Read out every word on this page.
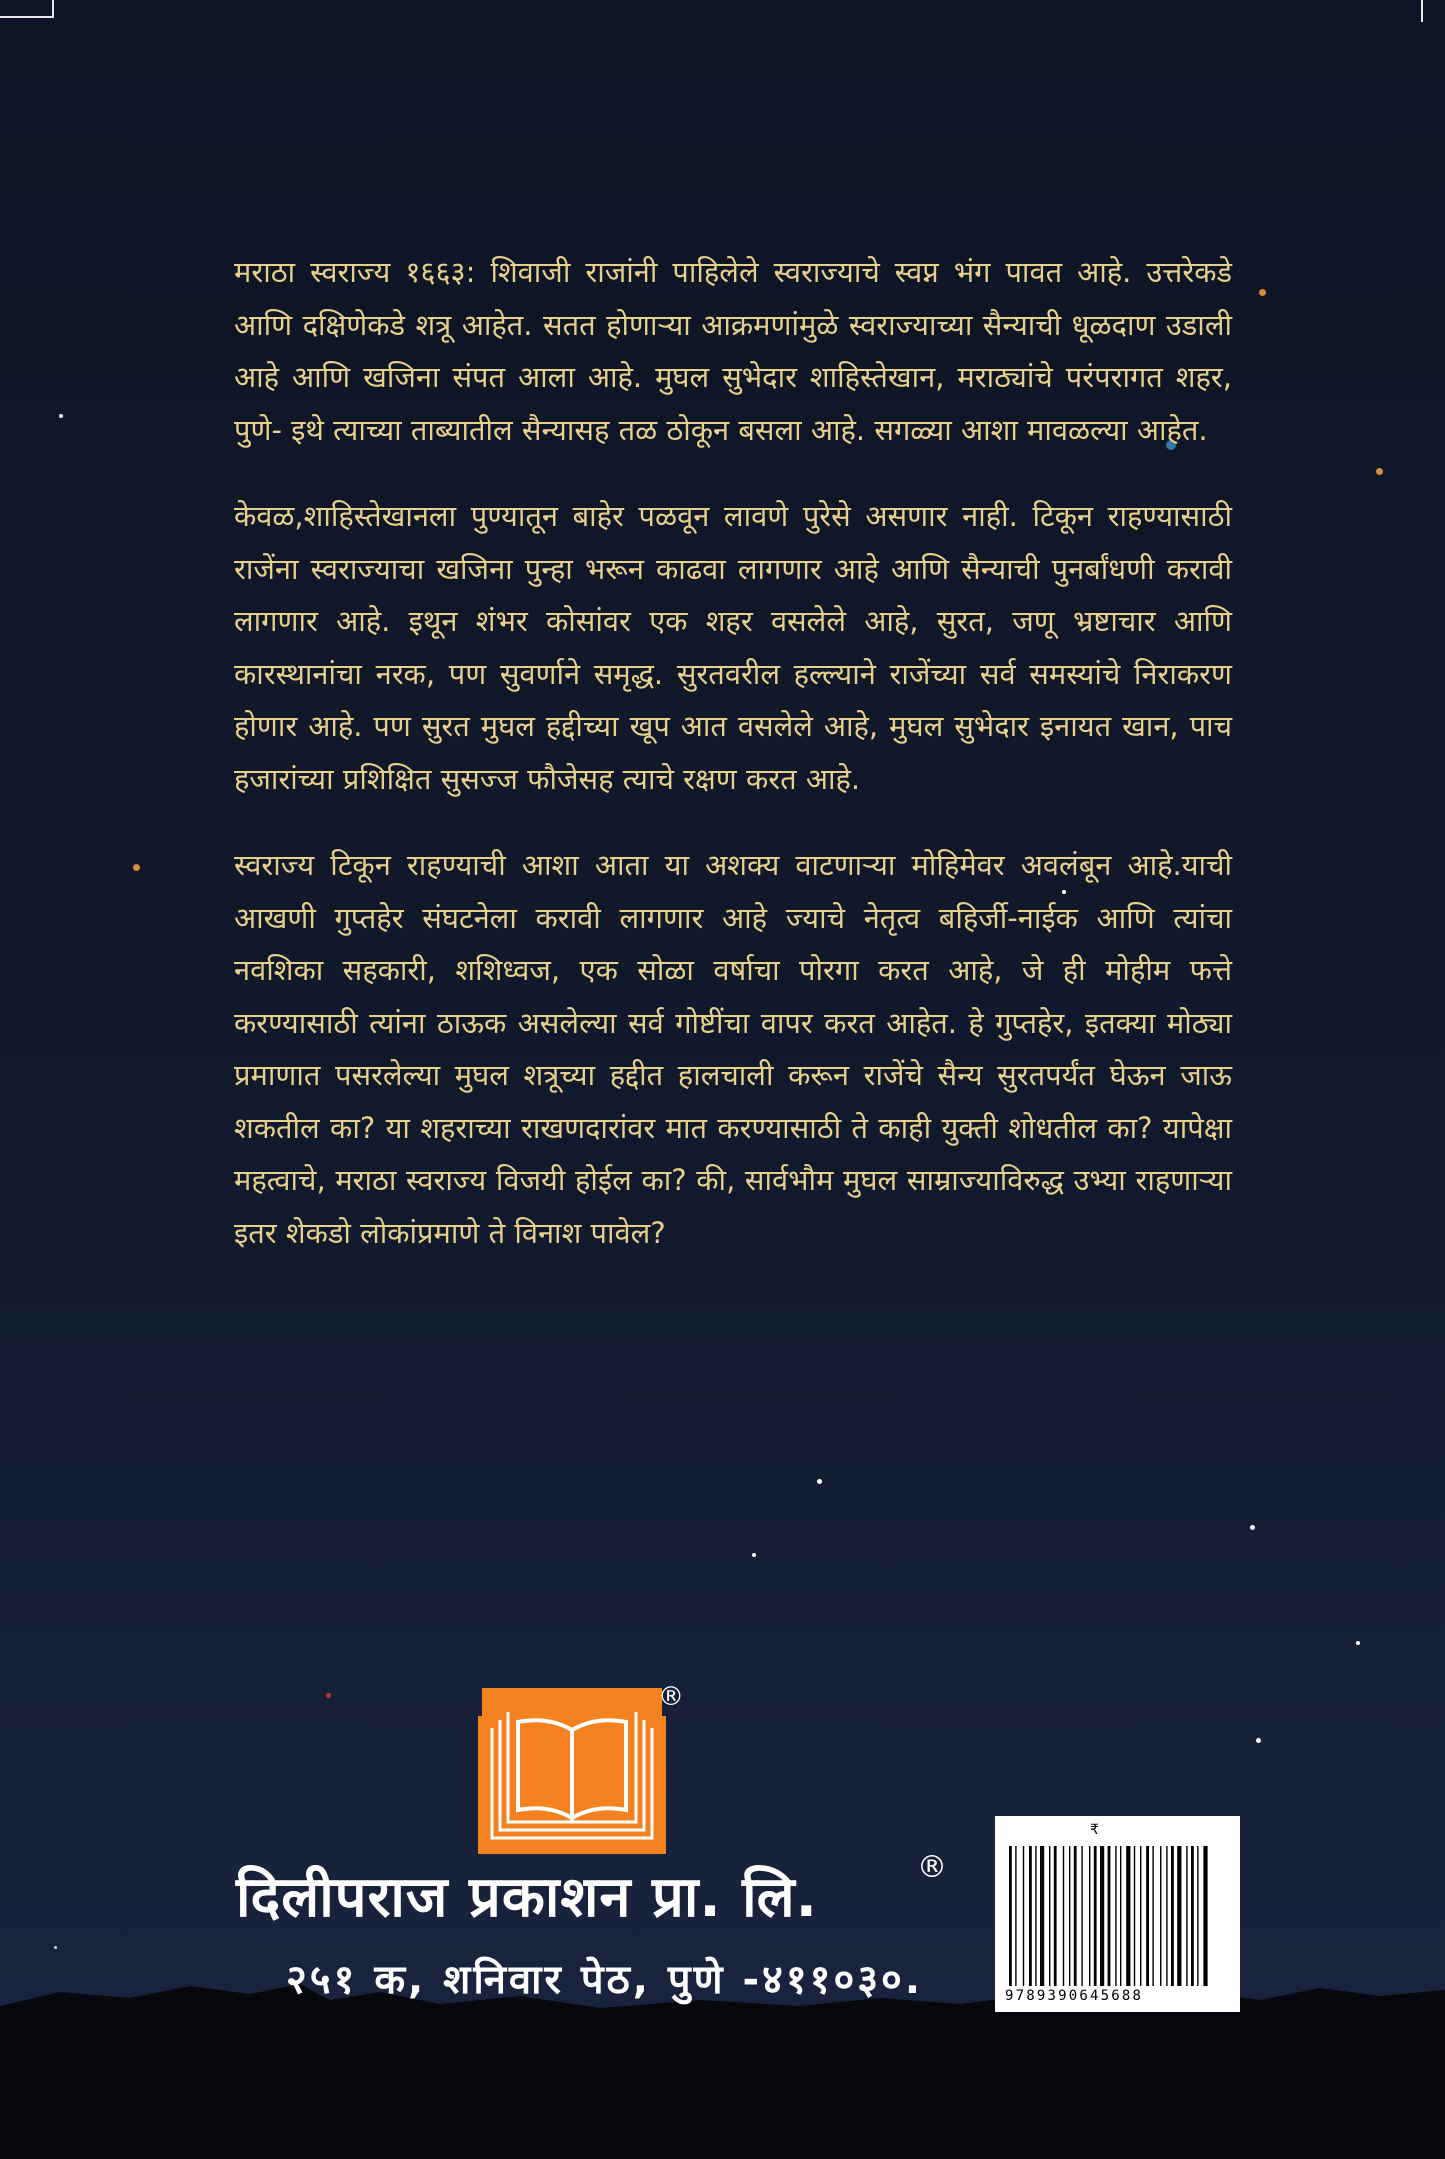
मराठा स्वराज्य १६६३: शिवाजी राजांनी पाहिलेले स्वराज्याचे स्वप्न भंग पावत आहे. उत्तरेकडे आणि दक्षिणेकडे शत्रू आहेत. सतत होणाऱ्या आक्रमणांमुळे स्वराज्याच्या सैन्याची धूळदाण उडाली आहे आणि खजिना संपत आला आहे. मुघल सुभेदार शाहिस्तेखान, मराठ्यांचे परंपरागत शहर, पुणे- इथे त्याच्या ताब्यातील सैन्यासह तळ ठोकून बसला आहे. सगळ्या आशा मावळल्या आहेत.

केवळ,शाहिस्तेखानला पुण्यातून बाहेर पळवून लावणे पुरेसे असणार नाही. टिकून राहण्यासाठी राजेंना स्वराज्याचा खजिना पुन्हा भरून काढवा लागणार आहे आणि सैन्याची पुनर्बांधणी करावी लागणार आहे. इथून शंभर कोसांवर एक शहर वसलेले आहे, सुरत, जणू भ्रष्टाचार आणि कारस्थानांचा नरक, पण सुवर्णाने समृद्ध. सुरतवरील हल्ल्याने राजेंच्या सर्व समस्यांचे निराकरण होणार आहे. पण सुरत मुघल हद्दीच्या खूप आत वसलेले आहे, मुघल सुभेदार इनायत खान, पाच हजारांच्या प्रशिक्षित सुसज्ज फौजेसह त्याचे रक्षण करत आहे.

स्वराज्य टिकून राहण्याची आशा आता या अशक्य वाटणाऱ्या मोहिमेवर अवलंबून आहे.याची आखणी गुप्तहेर संघटनेला करावी लागणार आहे ज्याचे नेतृत्व बहिर्जी-नाईक आणि त्यांचा नवशिका सहकारी, शशिध्वज, एक सोळा वर्षाचा पोरगा करत आहे, जे ही मोहीम फत्ते करण्यासाठी त्यांना ठाऊक असलेल्या सर्व गोष्टींचा वापर करत आहेत. हे गुप्तहेर, इतक्या मोठ्या प्रमाणात पसरलेल्या मुघल शत्रूच्या हद्दीत हालचाली करून राजेंचे सैन्य सुरतपर्यंत घेऊन जाऊ शकतील का? या शहराच्या राखणदारांवर मात करण्यासाठी ते काही युक्ती शोधतील का? यापेक्षा महत्वाचे, मराठा स्वराज्य विजयी होईल का? की, सार्वभौम मुघल साम्राज्याविरुद्ध उभ्या राहणाऱ्या इतर शेकडो लोकांप्रमाणे ते विनाश पावेल?

®
दिलीपराज प्रकाशन प्रा. लि.	®
२५१ क, शनिवार पेठ, पुणे -४११०३०.
₹
9789390645688
